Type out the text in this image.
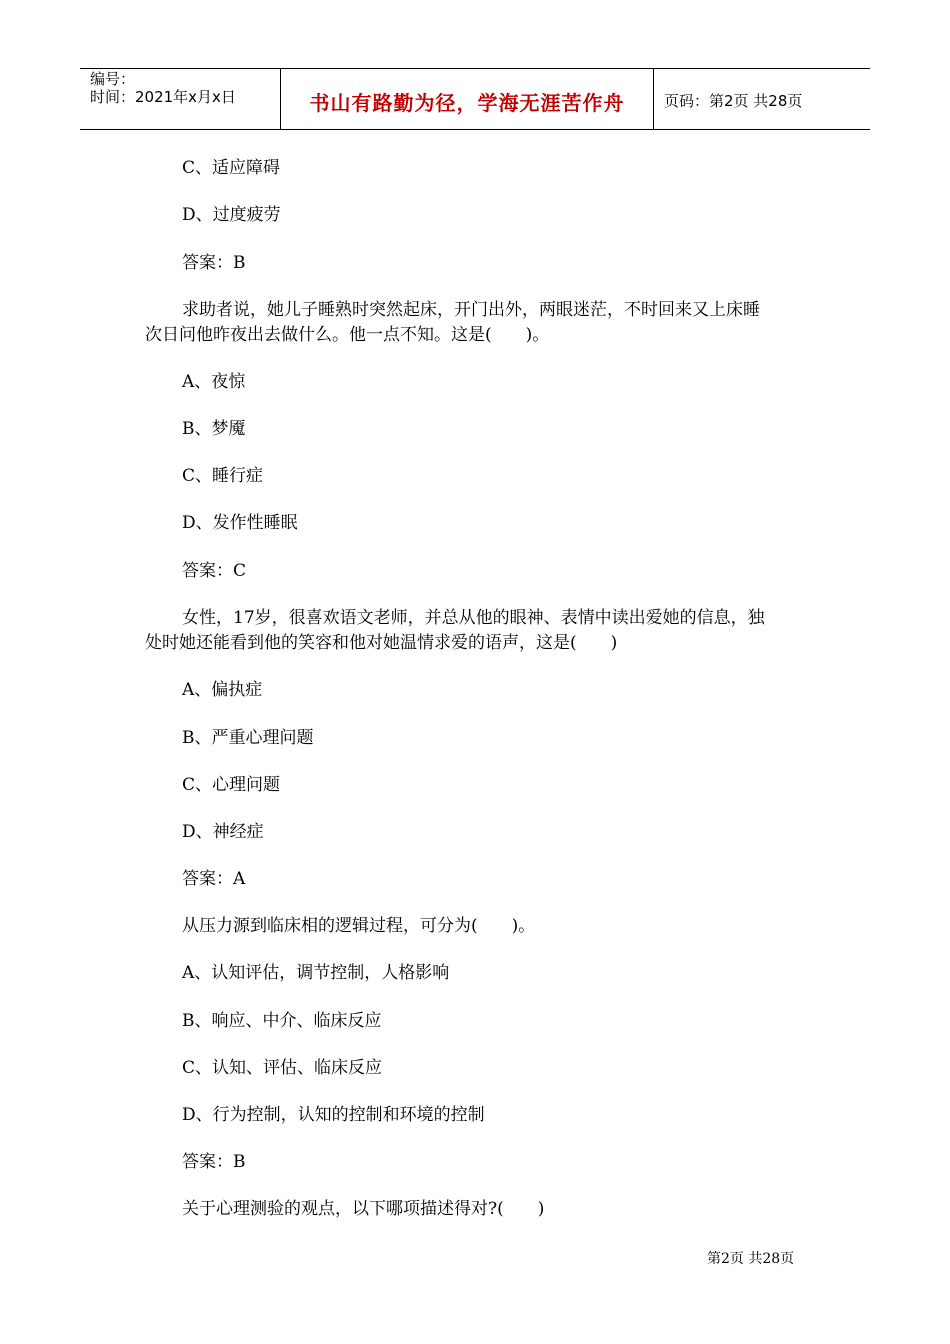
编号：
时间：2021年x月x日	书山有路勤为径，学海无涯苦作舟	页码：第2页 共28页
C、适应障碍
D、过度疲劳
答案：B
求助者说，她儿子睡熟时突然起床，开门出外，两眼迷茫，不时回来又上床睡
次日问他昨夜出去做什么。他一点不知。这是(　　)。
A、夜惊
B、梦魇
C、睡行症
D、发作性睡眠
答案：C
女性，17岁，很喜欢语文老师，并总从他的眼神、表情中读出爱她的信息，独
处时她还能看到他的笑容和他对她温情求爱的语声，这是(　　)
A、偏执症
B、严重心理问题
C、心理问题
D、神经症
答案：A
从压力源到临床相的逻辑过程，可分为(　　)。
A、认知评估，调节控制，人格影响
B、响应、中介、临床反应
C、认知、评估、临床反应
D、行为控制，认知的控制和环境的控制
答案：B
关于心理测验的观点，以下哪项描述得对?(　　)
第2页 共28页
